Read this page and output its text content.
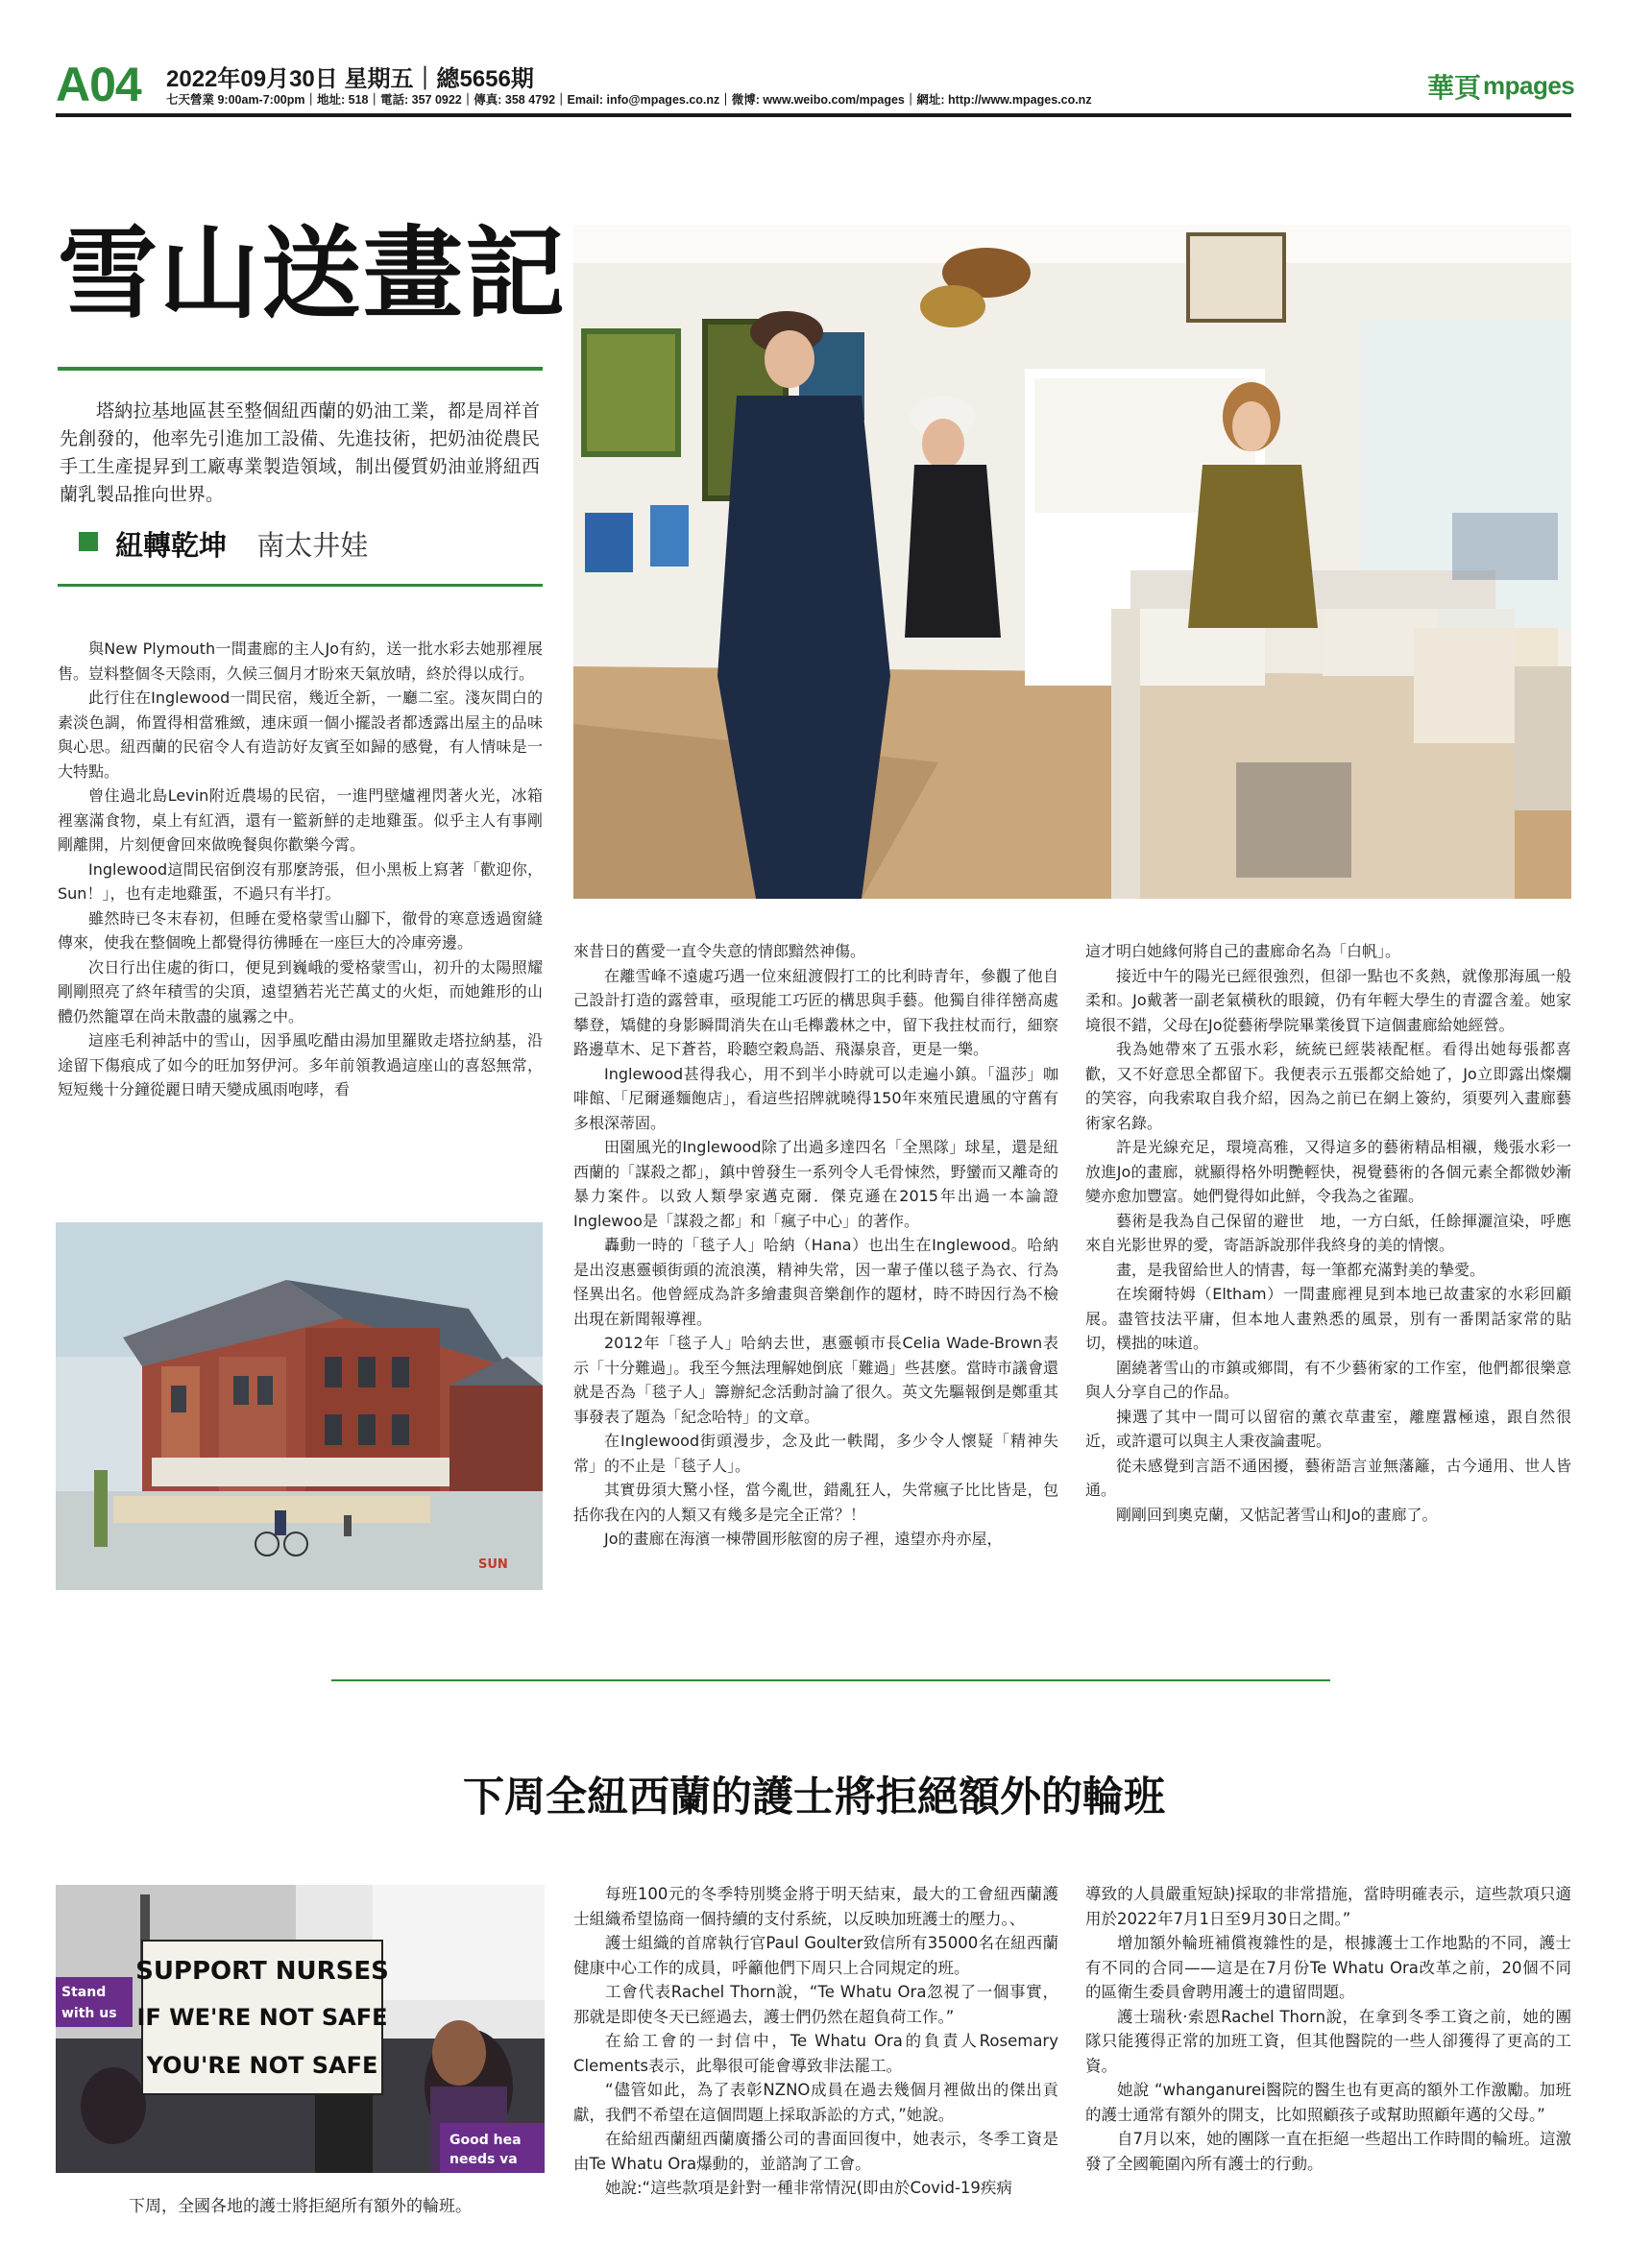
A04 2022年09月30日 星期五｜總5656期
七天營業 9:00am-7:00pm｜地址: 518｜電話: 357 0922｜傳真: 358 4792｜Email: info@mpages.co.nz｜微博: www.weibo.com/mpages｜網址: http://www.mpages.co.nz	華頁 mpages
雪山送畫記

塔納拉基地區甚至整個紐西蘭的奶油工業，都是周祥首先創發的，他率先引進加工設備、先進技術，把奶油從農民手工生產提昇到工廠專業製造領域，制出優質奶油並將紐西蘭乳製品推向世界。

紐轉乾坤 南太井娃

與New Plymouth一間畫廊的主人Jo有約，送一批水彩去她那裡展售。豈料整個冬天陰雨，久候三個月才盼來天氣放晴，終於得以成行。

此行住在Inglewood一間民宿，幾近全新，一廳二室。淺灰間白的素淡色調，佈置得相當雅緻，連床頭一個小擺設者都透露出屋主的品味與心思。紐西蘭的民宿令人有造訪好友賓至如歸的感覺，有人情味是一大特點。

曾住過北島Levin附近農場的民宿，一進門壁爐裡閃著火光，冰箱裡塞滿食物，桌上有紅酒，還有一籃新鮮的走地雞蛋。似乎主人有事剛剛離開，片刻便會回來做晚餐與你歡樂今霄。

Inglewood這間民宿倒沒有那麼誇張，但小黑板上寫著「歡迎你，Sun！」，也有走地雞蛋，不過只有半打。

雖然時已冬末春初，但睡在愛格蒙雪山腳下，徹骨的寒意透過窗縫傳來，使我在整個晚上都覺得彷彿睡在一座巨大的冷庫旁邊。

次日行出住處的街口，便見到巍峨的愛格蒙雪山，初升的太陽照耀剛剛照亮了終年積雪的尖頂，遠望猶若光芒萬丈的火炬，而她錐形的山體仍然籠罩在尚未散盡的嵐霧之中。

這座毛利神話中的雪山，因爭風吃醋由湯加里羅敗走塔拉納基，沿途留下傷痕成了如今的旺加努伊河。多年前領教過這座山的喜怒無常，短短幾十分鐘從麗日晴天變成風雨咆哮，看

SUN

來昔日的舊愛一直令失意的情郎黯然神傷。

在離雪峰不遠處巧遇一位來紐渡假打工的比利時青年，參觀了他自己設計打造的露營車，亟現能工巧匠的構思與手藝。他獨自徘徉巒高處攀登，矯健的身影瞬間消失在山毛櫸叢林之中，留下我拄杖而行，細察路邊草木、足下蒼苔，聆聽空穀鳥語、飛瀑泉音，更是一樂。

Inglewood甚得我心，用不到半小時就可以走遍小鎮。「溫莎」咖啡館、「尼爾遜麵飽店」，看這些招牌就曉得150年來殖民遺風的守舊有多根深蒂固。

田園風光的Inglewood除了出過多達四名「全黑隊」球星，還是紐西蘭的「謀殺之都」，鎮中曾發生一系列令人毛骨悚然，野蠻而又離奇的暴力案件。以致人類學家邁克爾．傑克遜在2015年出過一本論證Inglewoo是「謀殺之都」和「瘋子中心」的著作。

轟動一時的「毯子人」哈納（Hana）也出生在Inglewood。哈納是出沒惠靈頓街頭的流浪漢，精神失常，因一輩子僅以毯子為衣、行為怪異出名。他曾經成為許多繪畫與音樂創作的題材，時不時因行為不檢出現在新聞報導裡。

2012年「毯子人」哈納去世，惠靈頓市長Celia Wade-Brown表示「十分難過」。我至今無法理解她倒底「難過」些甚麼。當時市議會還就是否為「毯子人」籌辦紀念活動討論了很久。英文先驅報倒是鄭重其事發表了題為「紀念哈特」的文章。

在Inglewood街頭漫步，念及此一軼聞，多少令人懷疑「精神失常」的不止是「毯子人」。

其實毋須大驚小怪，當今亂世，錯亂狂人，失常瘋子比比皆是，包括你我在內的人類又有幾多是完全正常？！

Jo的畫廊在海濱一棟帶圓形舷窗的房子裡，遠望亦舟亦屋，

這才明白她緣何將自己的畫廊命名為「白帆」。

接近中午的陽光已經很強烈，但卻一點也不炙熱，就像那海風一般柔和。Jo戴著一副老氣橫秋的眼鏡，仍有年輕大學生的青澀含羞。她家境很不錯，父母在Jo從藝術學院畢業後買下這個畫廊給她經營。

我為她帶來了五張水彩，統統已經裝裱配框。看得出她每張都喜歡，又不好意思全都留下。我便表示五張都交給她了，Jo立即露出燦爛的笑容，向我索取自我介紹，因為之前已在網上簽約，須要列入畫廊藝術家名錄。

許是光線充足，環境高雅，又得這多的藝術精品相襯，幾張水彩一放進Jo的畫廊，就顯得格外明艷輕快，視覺藝術的各個元素全都微妙漸變亦愈加豐富。她們覺得如此鮮，令我為之雀躍。

藝術是我為自己保留的避世　地，一方白紙，任餘揮灑渲染，呼應來自光影世界的愛，寄語訴說那伴我終身的美的情懷。

畫，是我留給世人的情書，每一筆都充滿對美的摯愛。

在埃爾特姆（Eltham）一間畫廊裡見到本地已故畫家的水彩回顧展。盡管技法平庸，但本地人畫熟悉的風景，別有一番閑話家常的貼切，樸拙的味道。

圍繞著雪山的市鎮或鄉間，有不少藝術家的工作室，他們都很樂意與人分享自己的作品。

揀選了其中一間可以留宿的薰衣草畫室，離塵囂極遠，跟自然很近，或許還可以與主人秉夜論畫呢。

從未感覺到言語不通困擾，藝術語言並無藩籬，古今通用、世人皆通。

剛剛回到奧克蘭，又惦記著雪山和Jo的畫廊了。

下周全紐西蘭的護士將拒絕額外的輪班
SUPPORT NURSES
IF WE'RE NOT SAFE
YOU'RE NOT SAFE
Stand
with us
Good hea
needs va
下周，全國各地的護士將拒絕所有額外的輪班。

每班100元的冬季特別獎金將于明天結束，最大的工會紐西蘭護士組織希望協商一個持續的支付系統，以反映加班護士的壓力。、

護士組織的首席執行官Paul Goulter致信所有35000名在紐西蘭健康中心工作的成員，呼籲他們下周只上合同規定的班。

工會代表Rachel Thorn說，“Te Whatu Ora忽視了一個事實，那就是即使冬天已經過去，護士們仍然在超負荷工作。”

在給工會的一封信中，Te Whatu Ora的負責人Rosemary Clements表示，此舉很可能會導致非法罷工。

“儘管如此，為了表彰NZNO成員在過去幾個月裡做出的傑出貢獻，我們不希望在這個問題上採取訴訟的方式，”她說。

在給紐西蘭紐西蘭廣播公司的書面回復中，她表示，冬季工資是由Te Whatu Ora爆動的，並諮詢了工會。

她說:“這些款項是針對一種非常情況(即由於Covid-19疾病

導致的人員嚴重短缺)採取的非常措施，當時明確表示，這些款項只適用於2022年7月1日至9月30日之間。”

增加額外輪班補償複雜性的是，根據護士工作地點的不同，護士有不同的合同——這是在7月份Te Whatu Ora改革之前，20個不同的區衛生委員會聘用護士的遺留問題。

護士瑞秋·索恩Rachel Thorn說，在拿到冬季工資之前，她的團隊只能獲得正常的加班工資，但其他醫院的一些人卻獲得了更高的工資。

她說 “whanganurei醫院的醫生也有更高的額外工作激勵。加班的護士通常有額外的開支，比如照顧孩子或幫助照顧年邁的父母。”

自7月以來，她的團隊一直在拒絕一些超出工作時間的輪班。這激發了全國範圍內所有護士的行動。
